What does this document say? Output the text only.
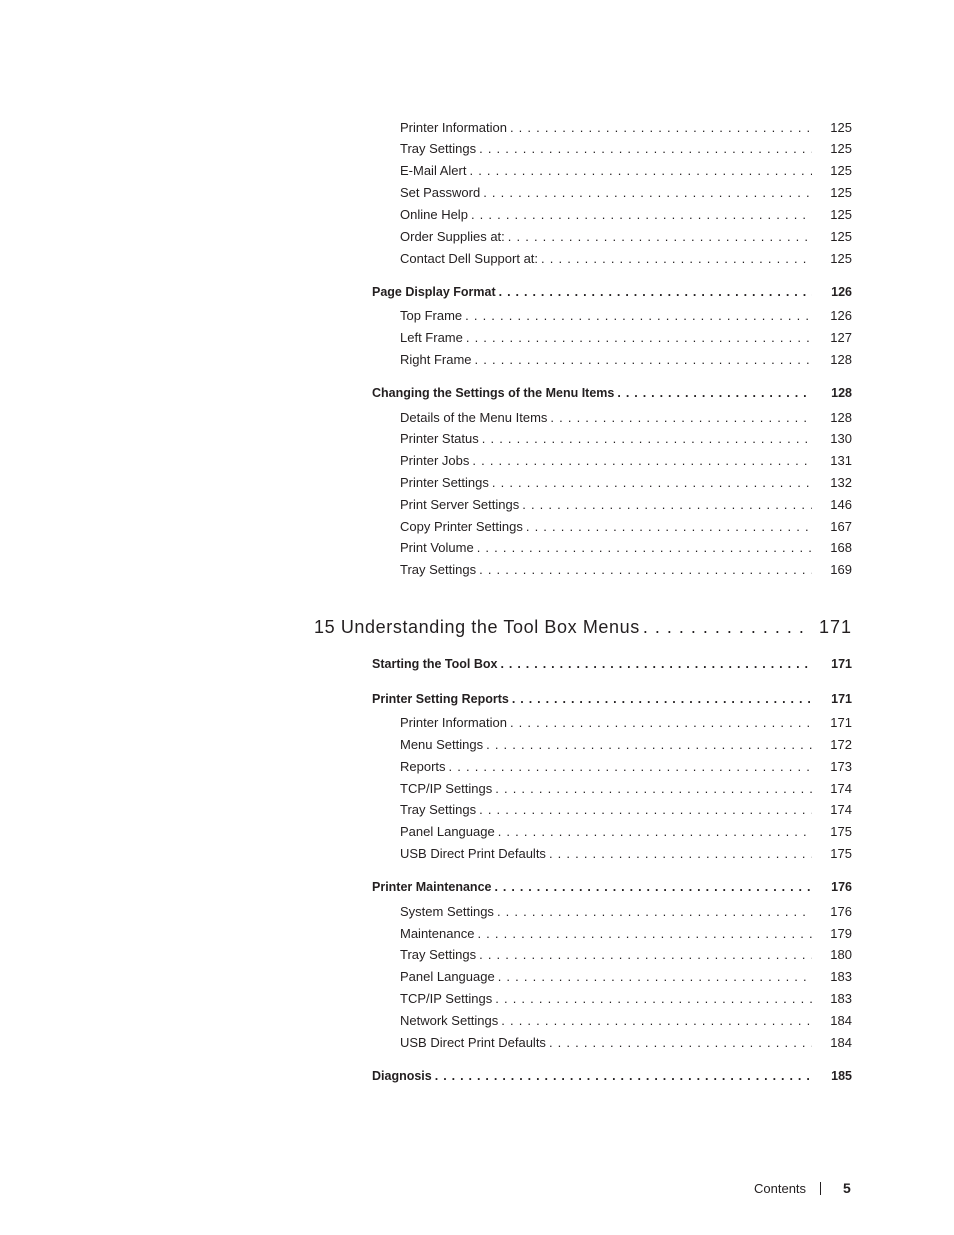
Printer Information . . .	125
Tray Settings . . .	125
E-Mail Alert . . .	125
Set Password . . .	125
Online Help . . .	125
Order Supplies at: . . .	125
Contact Dell Support at: . . .	125
Page Display Format . . .	126
Top Frame . . .	126
Left Frame . . .	127
Right Frame . . .	128
Changing the Settings of the Menu Items . . .	128
Details of the Menu Items . . .	128
Printer Status . . .	130
Printer Jobs . . .	131
Printer Settings . . .	132
Print Server Settings . . .	146
Copy Printer Settings . . .	167
Print Volume . . .	168
Tray Settings . . .	169
15 Understanding the Tool Box Menus . . .	171
Starting the Tool Box . . .	171
Printer Setting Reports . . .	171
Printer Information . . .	171
Menu Settings . . .	172
Reports . . .	173
TCP/IP Settings . . .	174
Tray Settings . . .	174
Panel Language . . .	175
USB Direct Print Defaults . . .	175
Printer Maintenance . . .	176
System Settings . . .	176
Maintenance . . .	179
Tray Settings . . .	180
Panel Language . . .	183
TCP/IP Settings . . .	183
Network Settings . . .	184
USB Direct Print Defaults . . .	184
Diagnosis . . .	185
Contents	5
